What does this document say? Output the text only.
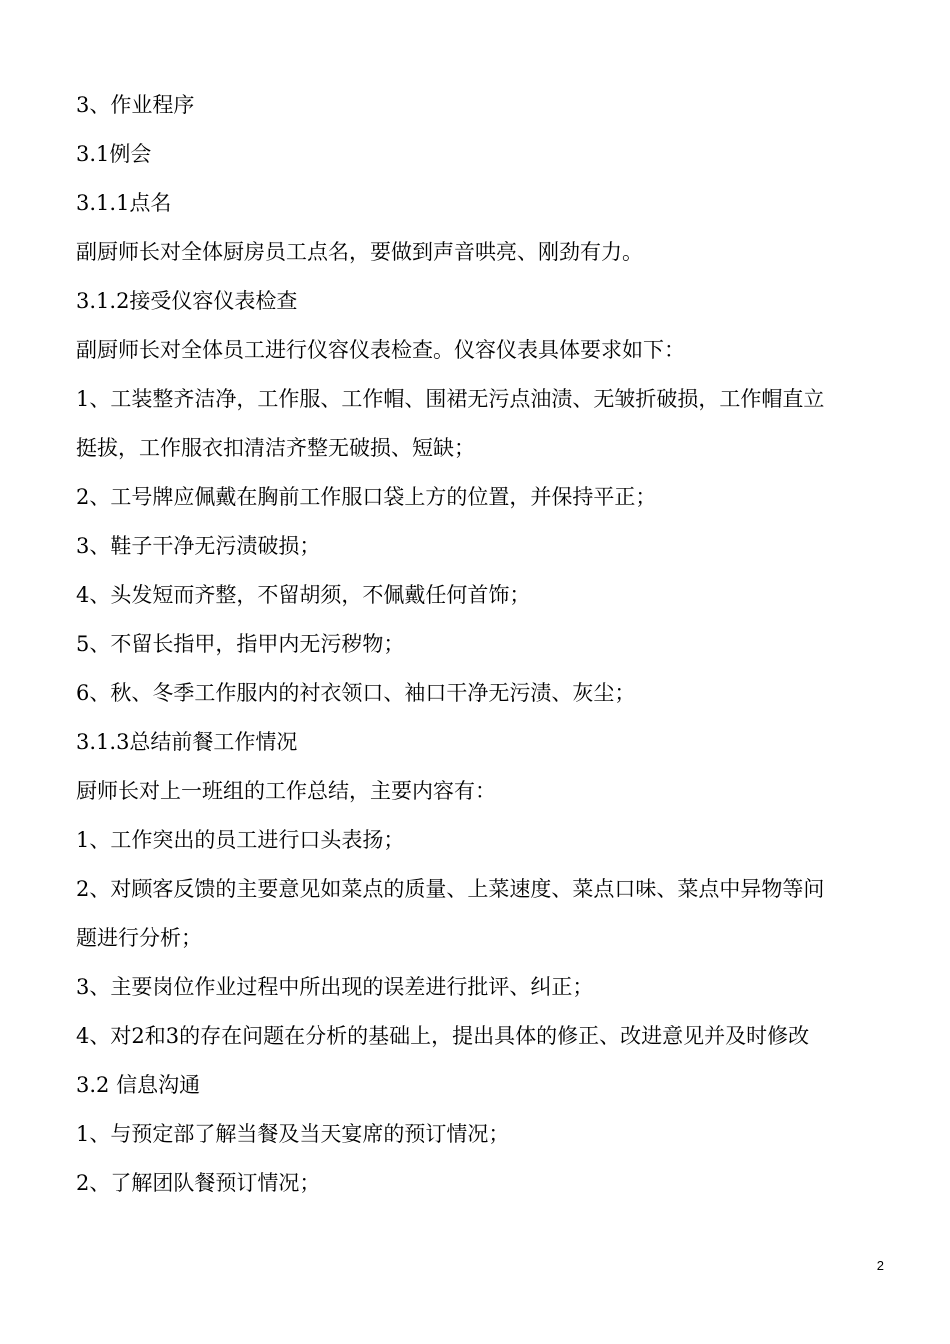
3、作业程序
3.1例会
3.1.1点名
副厨师长对全体厨房员工点名，要做到声音哄亮、刚劲有力。
3.1.2接受仪容仪表检查
副厨师长对全体员工进行仪容仪表检查。仪容仪表具体要求如下：
1、工装整齐洁净，工作服、工作帽、围裙无污点油渍、无皱折破损，工作帽直立
挺拔，工作服衣扣清洁齐整无破损、短缺；
2、工号牌应佩戴在胸前工作服口袋上方的位置，并保持平正；
3、鞋子干净无污渍破损；
4、头发短而齐整，不留胡须，不佩戴任何首饰；
5、不留长指甲，指甲内无污秽物；
6、秋、冬季工作服内的衬衣领口、袖口干净无污渍、灰尘；
3.1.3总结前餐工作情况
厨师长对上一班组的工作总结，主要内容有：
1、工作突出的员工进行口头表扬；
2、对顾客反馈的主要意见如菜点的质量、上菜速度、菜点口味、菜点中异物等问
题进行分析；
3、主要岗位作业过程中所出现的误差进行批评、纠正；
4、对2和3的存在问题在分析的基础上，提出具体的修正、改进意见并及时修改
3.2 信息沟通
1、与预定部了解当餐及当天宴席的预订情况；
2、了解团队餐预订情况；
2
